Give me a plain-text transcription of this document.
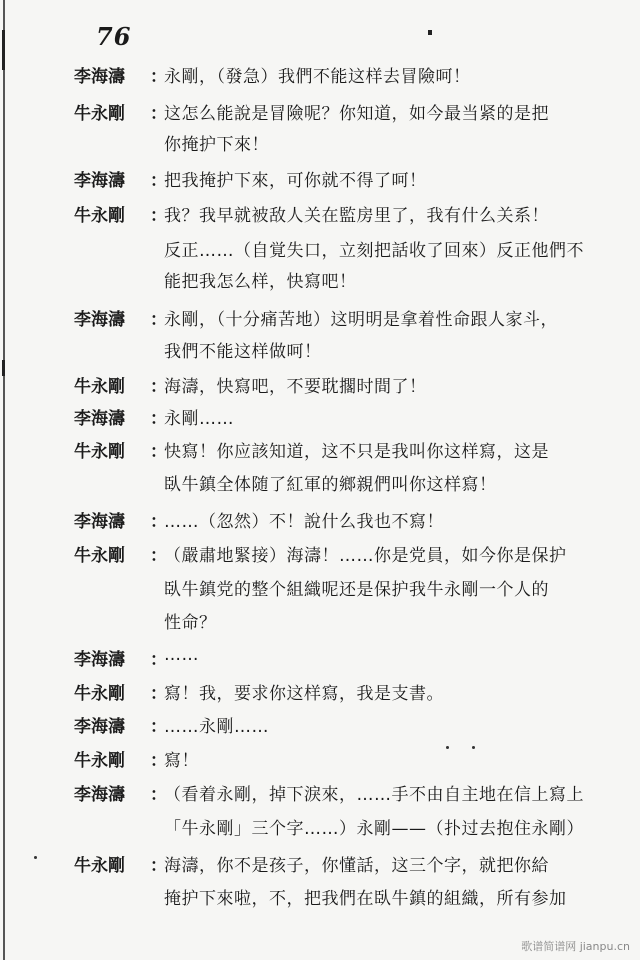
76
李海濤	：
永剛，（發急）我們不能这样去冒險呵！
牛永剛	：
这怎么能說是冒險呢？你知道，如今最当紧的是把
你掩护下來！
李海濤	：
把我掩护下來，可你就不得了呵！
牛永剛	：
我？我早就被敌人关在監房里了，我有什么关系！
反正……（自覚失口，立刻把話收了回來）反正他們不
能把我怎么样，快寫吧！
李海濤	：
永剛，（十分痛苦地）这明明是拿着性命跟人家斗，
我們不能这样做呵！
牛永剛	：
海濤，快寫吧，不要耽擱时間了！
李海濤	：
永剛……
牛永剛	：
快寫！你应該知道，这不只是我叫你这样寫，这是
臥牛鎮全体随了紅軍的鄉親們叫你这样寫！
李海濤	：
……（忽然）不！說什么我也不寫！
牛永剛	：
（嚴肅地緊接）海濤！……你是党員，如今你是保护
臥牛鎮党的整个組織呢还是保护我牛永剛一个人的
性命？
李海濤	：
……
牛永剛	：
寫！我，要求你这样寫，我是支書。
李海濤	：
……永剛……
牛永剛	：
寫！
李海濤	：
（看着永剛，掉下淚來，……手不由自主地在信上寫上
「牛永剛」三个字……）永剛——（扑过去抱住永剛）
牛永剛	：
海濤，你不是孩子，你懂話，这三个字，就把你給
掩护下來啦，不，把我們在臥牛鎮的組織，所有参加
歌谱简谱网 jianpu.cn
